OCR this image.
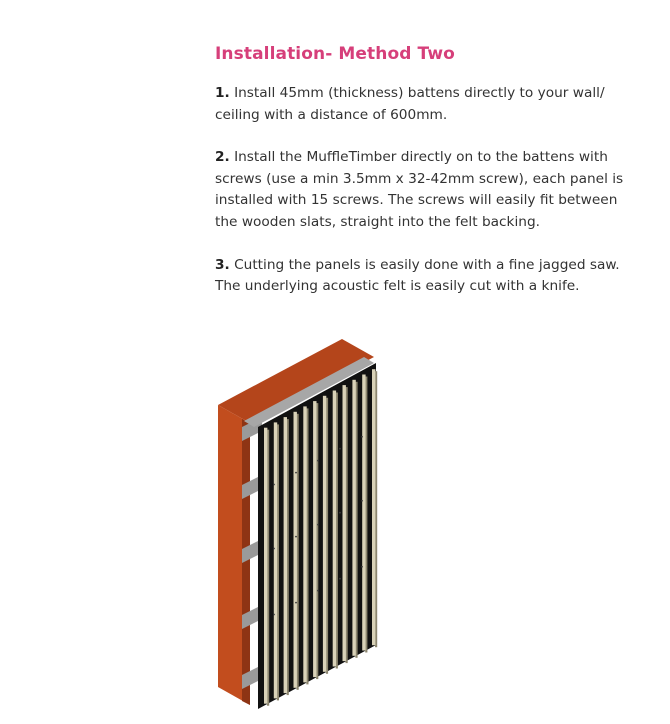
Installation- Method Two

1. Install 45mm (thickness) battens directly to your wall/ ceiling with a distance of 600mm.

2. Install the MuffleTimber directly on to the battens with screws (use a min 3.5mm x 32-42mm screw), each panel is installed with 15 screws. The screws will easily fit between the wooden slats, straight into the felt backing.

3. Cutting the panels is easily done with a fine jagged saw. The underlying acoustic felt is easily cut with a knife.
